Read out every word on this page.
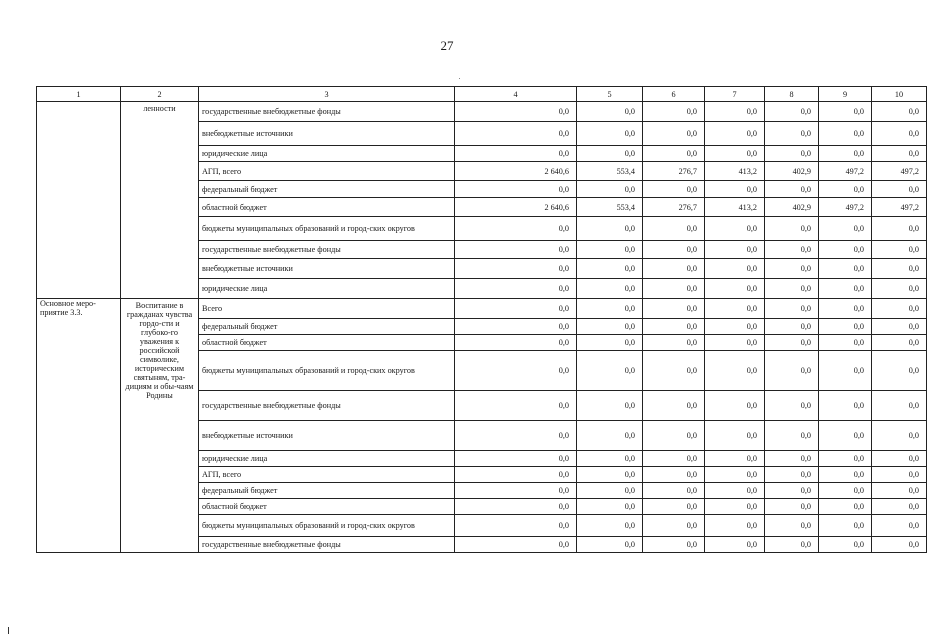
27
1	2	3	4	5	6	7	8	9	10
	ленности	государственные внебюджетные фонды	0,0	0,0	0,0	0,0	0,0	0,0	0,0
		внебюджетные источники	0,0	0,0	0,0	0,0	0,0	0,0	0,0
		юридические лица	0,0	0,0	0,0	0,0	0,0	0,0	0,0
		АГП, всего	2 640,6	553,4	276,7	413,2	402,9	497,2	497,2
		федеральный бюджет	0,0	0,0	0,0	0,0	0,0	0,0	0,0
		областной бюджет	2 640,6	553,4	276,7	413,2	402,9	497,2	497,2
		бюджеты муниципальных образований и город-ских округов	0,0	0,0	0,0	0,0	0,0	0,0	0,0
		государственные внебюджетные фонды	0,0	0,0	0,0	0,0	0,0	0,0	0,0
		внебюджетные источники	0,0	0,0	0,0	0,0	0,0	0,0	0,0
		юридические лица	0,0	0,0	0,0	0,0	0,0	0,0	0,0
Основное меро-приятие 3.3.	Воспитание в гражданах чувства гордо-сти и глубоко-го уважения к российской символике, историческим святыням, тра-дициям и обы-чаям Родины	Всего	0,0	0,0	0,0	0,0	0,0	0,0	0,0
		федеральный бюджет	0,0	0,0	0,0	0,0	0,0	0,0	0,0
		областной бюджет	0,0	0,0	0,0	0,0	0,0	0,0	0,0
		бюджеты муниципальных образований и город-ских округов	0,0	0,0	0,0	0,0	0,0	0,0	0,0
		государственные внебюджетные фонды	0,0	0,0	0,0	0,0	0,0	0,0	0,0
		внебюджетные источники	0,0	0,0	0,0	0,0	0,0	0,0	0,0
		юридические лица	0,0	0,0	0,0	0,0	0,0	0,0	0,0
		АГП, всего	0,0	0,0	0,0	0,0	0,0	0,0	0,0
		федеральный бюджет	0,0	0,0	0,0	0,0	0,0	0,0	0,0
		областной бюджет	0,0	0,0	0,0	0,0	0,0	0,0	0,0
		бюджеты муниципальных образований и город-ских округов	0,0	0,0	0,0	0,0	0,0	0,0	0,0
		государственные внебюджетные фонды	0,0	0,0	0,0	0,0	0,0	0,0	0,0
